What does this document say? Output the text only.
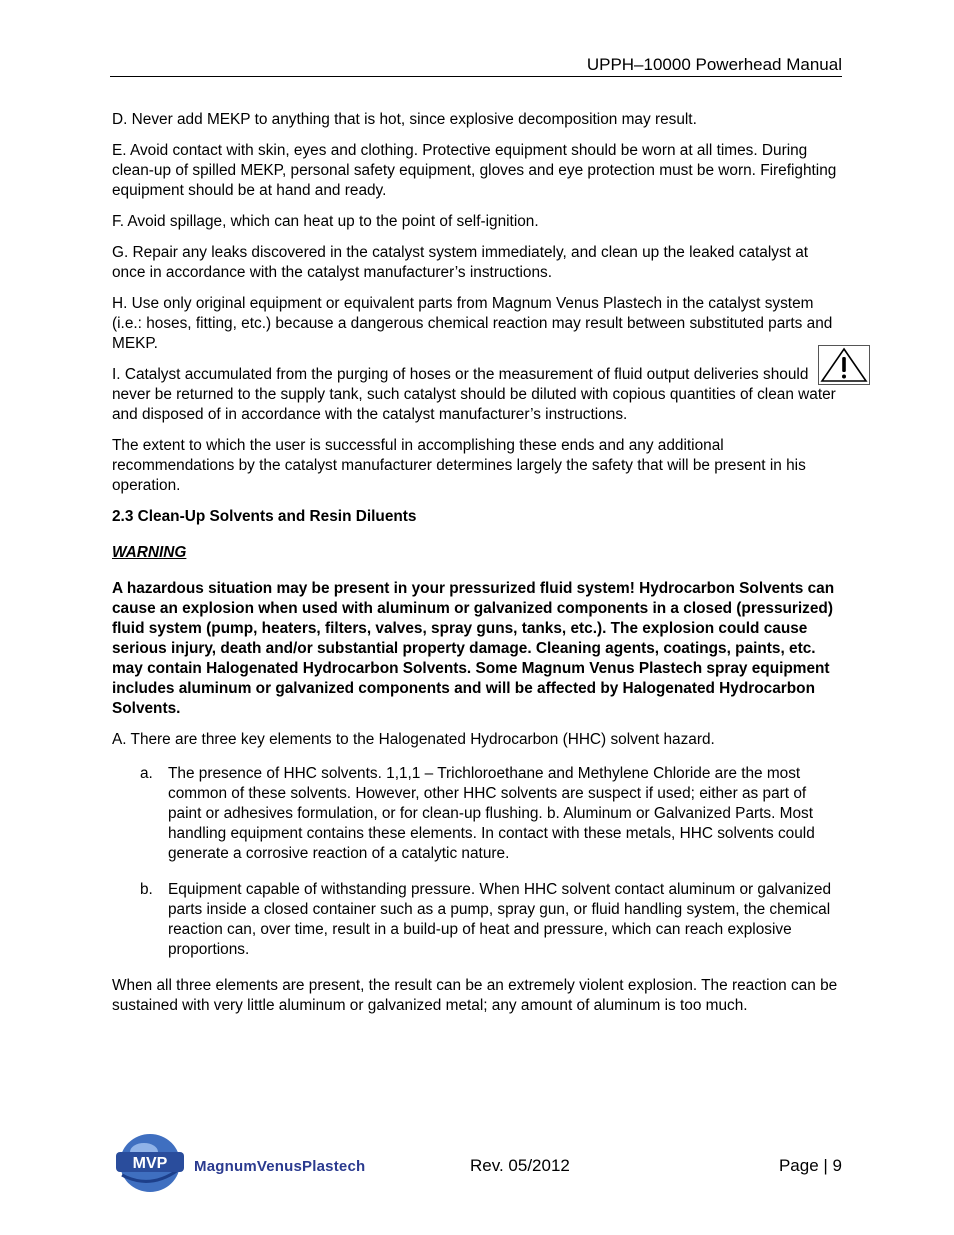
UPPH–10000 Powerhead Manual

D. Never add MEKP to anything that is hot, since explosive decomposition may result.

E. Avoid contact with skin, eyes and clothing. Protective equipment should be worn at all times. During clean-up of spilled MEKP, personal safety equipment, gloves and eye protection must be worn. Firefighting equipment should be at hand and ready.

F. Avoid spillage, which can heat up to the point of self-ignition.

G. Repair any leaks discovered in the catalyst system immediately, and clean up the leaked catalyst at once in accordance with the catalyst manufacturer’s instructions.

H. Use only original equipment or equivalent parts from Magnum Venus Plastech in the catalyst system (i.e.: hoses, fitting, etc.) because a dangerous chemical reaction may result between substituted parts and MEKP.

I. Catalyst accumulated from the purging of hoses or the measurement of fluid output deliveries should never be returned to the supply tank, such catalyst should be diluted with copious quantities of clean water and disposed of in accordance with the catalyst manufacturer’s instructions.

The extent to which the user is successful in accomplishing these ends and any additional recommendations by the catalyst manufacturer determines largely the safety that will be present in his operation.

2.3 Clean-Up Solvents and Resin Diluents

WARNING

A hazardous situation may be present in your pressurized fluid system! Hydrocarbon Solvents can cause an explosion when used with aluminum or galvanized components in a closed (pressurized) fluid system (pump, heaters, filters, valves, spray guns, tanks, etc.). The explosion could cause serious injury, death and/or substantial property damage. Cleaning agents, coatings, paints, etc. may contain Halogenated Hydrocarbon Solvents. Some Magnum Venus Plastech spray equipment includes aluminum or galvanized components and will be affected by Halogenated Hydrocarbon Solvents.

A. There are three key elements to the Halogenated Hydrocarbon (HHC) solvent hazard.

a. The presence of HHC solvents. 1,1,1 – Trichloroethane and Methylene Chloride are the most common of these solvents. However, other HHC solvents are suspect if used; either as part of paint or adhesives formulation, or for clean-up flushing. b. Aluminum or Galvanized Parts. Most handling equipment contains these elements. In contact with these metals, HHC solvents could generate a corrosive reaction of a catalytic nature.
b. Equipment capable of withstanding pressure. When HHC solvent contact aluminum or galvanized parts inside a closed container such as a pump, spray gun, or fluid handling system, the chemical reaction can, over time, result in a build-up of heat and pressure, which can reach explosive proportions.

When all three elements are present, the result can be an extremely violent explosion. The reaction can be sustained with very little aluminum or galvanized metal; any amount of aluminum is too much.

MVP MagnumVenusPlastech	Rev. 05/2012	Page | 9
